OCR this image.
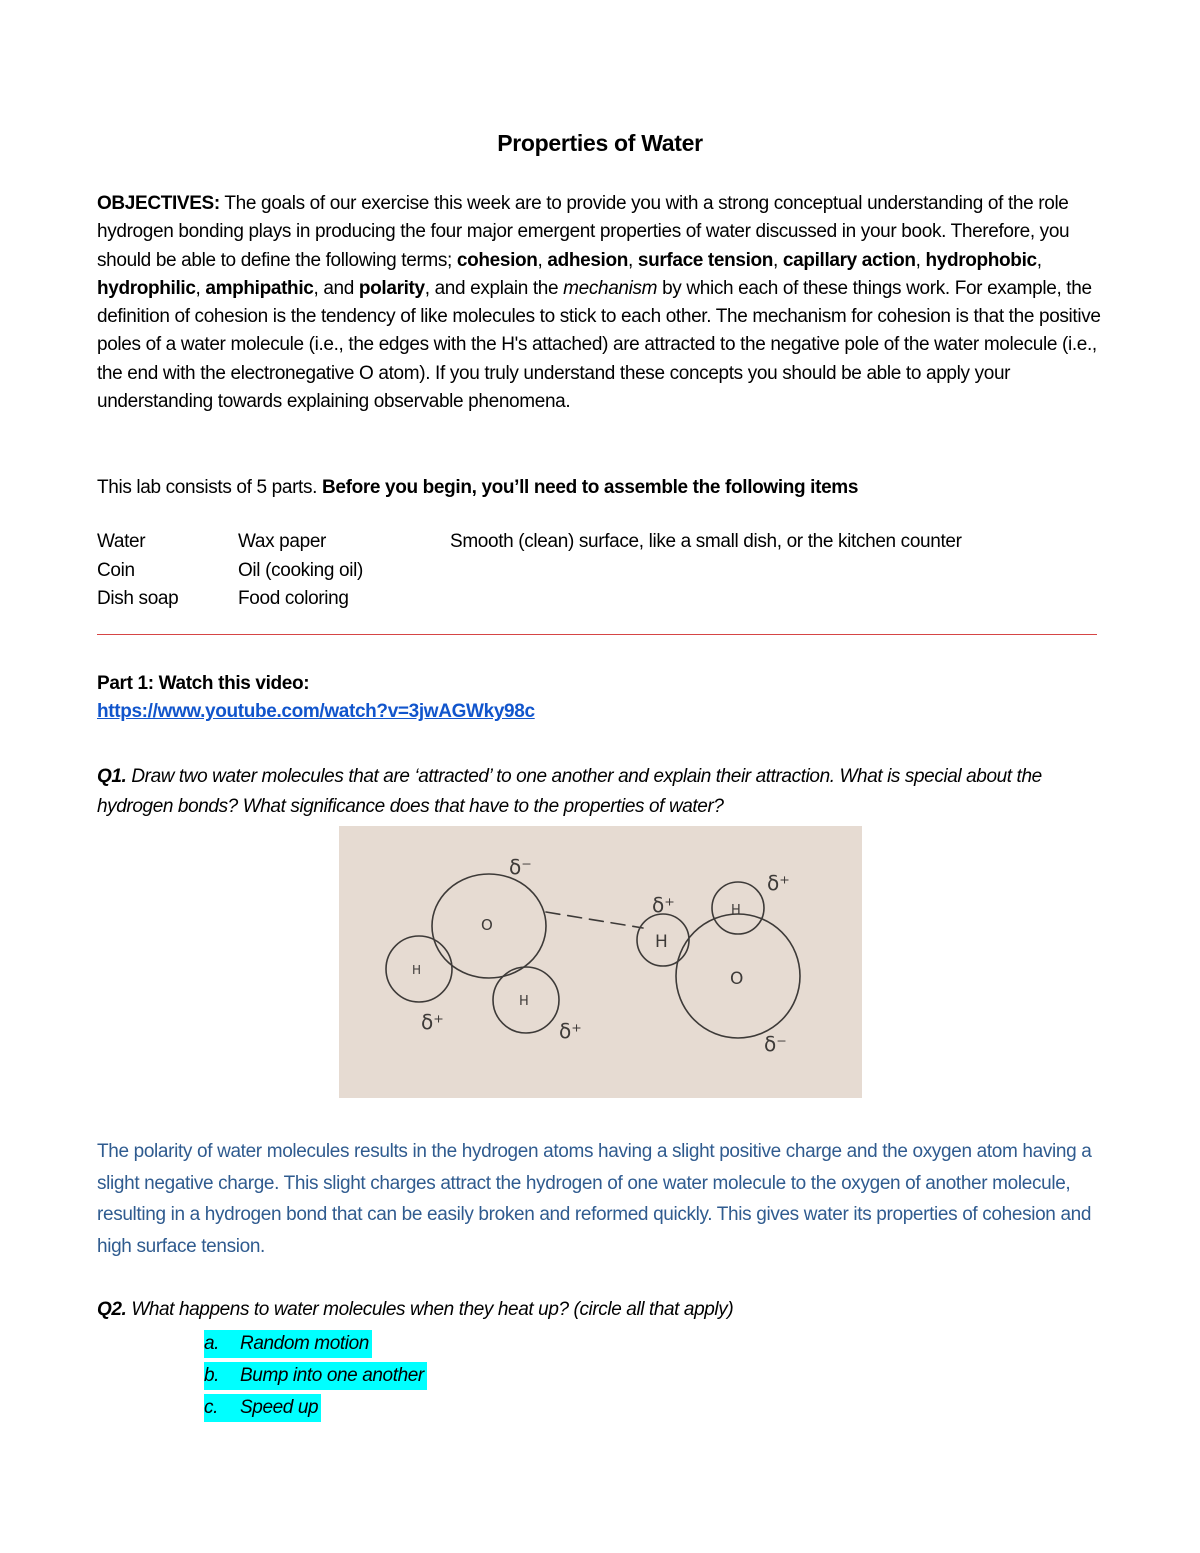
Properties of Water

OBJECTIVES: The goals of our exercise this week are to provide you with a strong conceptual understanding of the role hydrogen bonding plays in producing the four major emergent properties of water discussed in your book. Therefore, you should be able to define the following terms; cohesion, adhesion, surface tension, capillary action, hydrophobic, hydrophilic, amphipathic, and polarity, and explain the mechanism by which each of these things work. For example, the definition of cohesion is the tendency of like molecules to stick to each other. The mechanism for cohesion is that the positive poles of a water molecule (i.e., the edges with the H's attached) are attracted to the negative pole of the water molecule (i.e., the end with the electronegative O atom). If you truly understand these concepts you should be able to apply your understanding towards explaining observable phenomena.

This lab consists of 5 parts. Before you begin, you’ll need to assemble the following items

Water	Wax paper	Smooth (clean) surface, like a small dish, or the kitchen counter
Coin	Oil (cooking oil)
Dish soap	Food coloring
Part 1: Watch this video:
https://www.youtube.com/watch?v=3jwAGWky98c

Q1. Draw two water molecules that are ‘attracted’ to one another and explain their attraction. What is special about the hydrogen bonds? What significance does that have to the properties of water?

O
H
H
O
H
H
δ⁻
δ⁺	δ⁺
δ⁺
δ⁺
δ⁻

The polarity of water molecules results in the hydrogen atoms having a slight positive charge and the oxygen atom having a slight negative charge. This slight charges attract the hydrogen of one water molecule to the oxygen of another molecule, resulting in a hydrogen bond that can be easily broken and reformed quickly. This gives water its properties of cohesion and high surface tension.

Q2. What happens to water molecules when they heat up? (circle all that apply)

a.	Random motion
b.	Bump into one another
c.	Speed up
